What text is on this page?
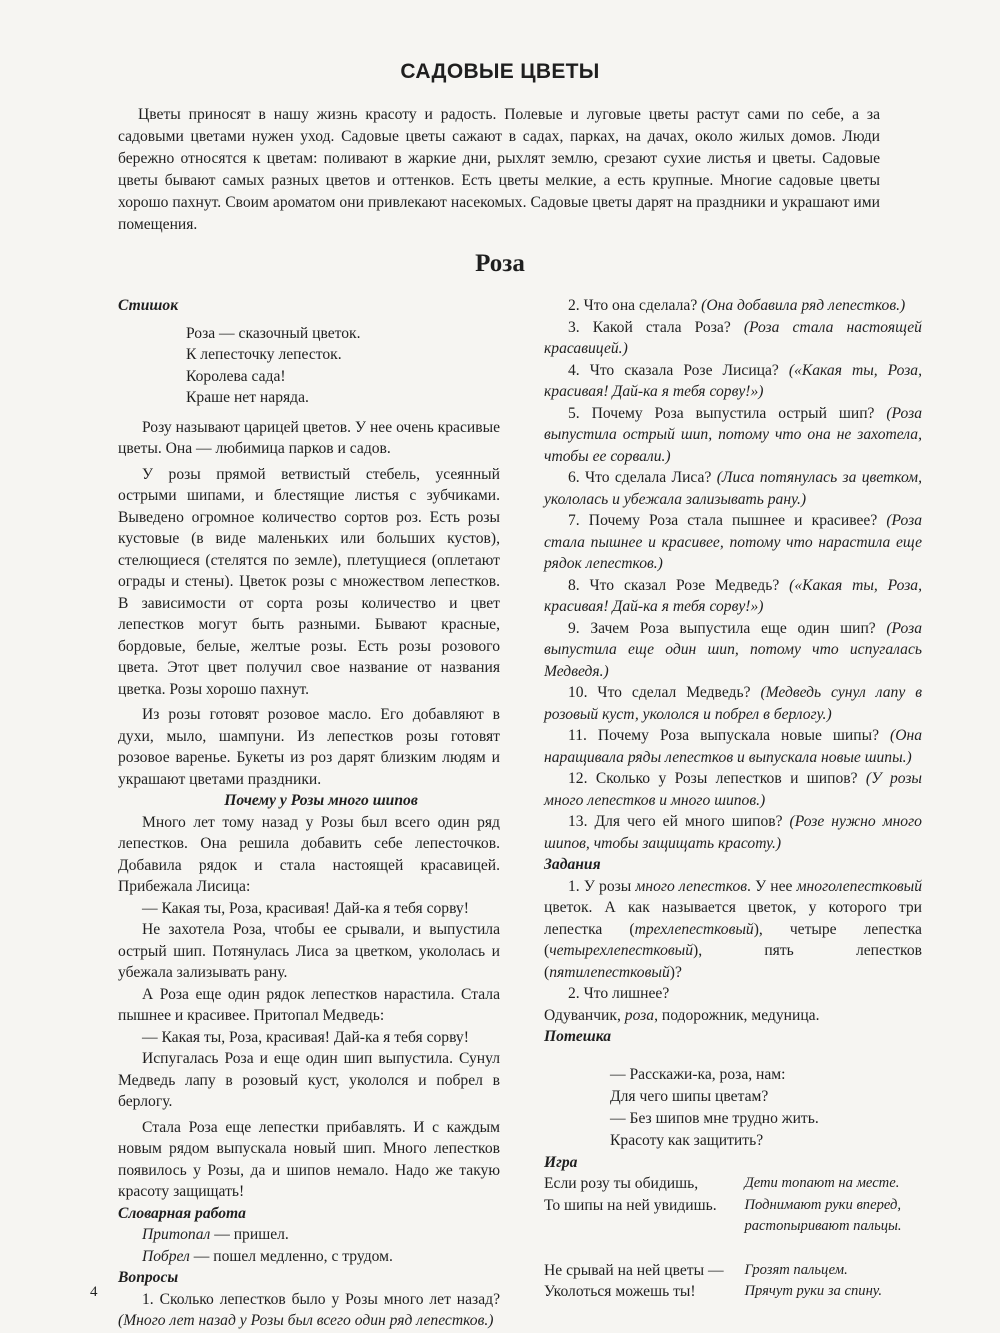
САДОВЫЕ ЦВЕТЫ

Цветы приносят в нашу жизнь красоту и радость. Полевые и луговые цветы растут сами по себе, а за садовыми цветами нужен уход. Садовые цветы сажают в садах, парках, на дачах, около жилых домов. Люди бережно относятся к цветам: поливают в жаркие дни, рыхлят землю, срезают сухие листья и цветы. Садовые цветы бывают самых разных цветов и оттенков. Есть цветы мелкие, а есть крупные. Многие садовые цветы хорошо пахнут. Своим ароматом они привлекают насекомых. Садовые цветы дарят на праздники и украшают ими помещения.

Роза

Стишок

Роза — сказочный цветок.
К лепесточку лепесток.
Королева сада!
Краше нет наряда.

Розу называют царицей цветов. У нее очень красивые цветы. Она — любимица парков и садов.

У розы прямой ветвистый стебель, усеянный острыми шипами, и блестящие листья с зубчиками. Выведено огромное количество сортов роз. Есть розы кустовые (в виде маленьких или больших кустов), стелющиеся (стелятся по земле), плетущиеся (оплетают ограды и стены). Цветок розы с множеством лепестков. В зависимости от сорта розы количество и цвет лепестков могут быть разными. Бывают красные, бордовые, белые, желтые розы. Есть розы розового цвета. Этот цвет получил свое название от названия цветка. Розы хорошо пахнут.

Из розы готовят розовое масло. Его добавляют в духи, мыло, шампуни. Из лепестков розы готовят розовое варенье. Букеты из роз дарят близким людям и украшают цветами праздники.

Почему у Розы много шипов

Много лет тому назад у Розы был всего один ряд лепестков. Она решила добавить себе лепесточков. Добавила рядок и стала настоящей красавицей. Прибежала Лисица:

— Какая ты, Роза, красивая! Дай-ка я тебя сорву!

Не захотела Роза, чтобы ее срывали, и выпустила острый шип. Потянулась Лиса за цветком, укололась и убежала зализывать рану.

А Роза еще один рядок лепестков нарастила. Стала пышнее и красивее. Притопал Медведь:

— Какая ты, Роза, красивая! Дай-ка я тебя сорву!

Испугалась Роза и еще один шип выпустила. Сунул Медведь лапу в розовый куст, укололся и побрел в берлогу.

Стала Роза еще лепестки прибавлять. И с каждым новым рядом выпускала новый шип. Много лепестков появилось у Розы, да и шипов немало. Надо же такую красоту защищать!

Словарная работа

Притопал — пришел.

Побрел — пошел медленно, с трудом.

Вопросы

1. Сколько лепестков было у Розы много лет назад? (Много лет назад у Розы был всего один ряд лепестков.)

2. Что она сделала? (Она добавила ряд лепестков.)

3. Какой стала Роза? (Роза стала настоящей красавицей.)

4. Что сказала Розе Лисица? («Какая ты, Роза, красивая! Дай-ка я тебя сорву!»)

5. Почему Роза выпустила острый шип? (Роза выпустила острый шип, потому что она не захотела, чтобы ее сорвали.)

6. Что сделала Лиса? (Лиса потянулась за цветком, укололась и убежала зализывать рану.)

7. Почему Роза стала пышнее и красивее? (Роза стала пышнее и красивее, потому что нарастила еще рядок лепестков.)

8. Что сказал Розе Медведь? («Какая ты, Роза, красивая! Дай-ка я тебя сорву!»)

9. Зачем Роза выпустила еще один шип? (Роза выпустила еще один шип, потому что испугалась Медведя.)

10. Что сделал Медведь? (Медведь сунул лапу в розовый куст, укололся и побрел в берлогу.)

11. Почему Роза выпускала новые шипы? (Она наращивала ряды лепестков и выпускала новые шипы.)

12. Сколько у Розы лепестков и шипов? (У розы много лепестков и много шипов.)

13. Для чего ей много шипов? (Розе нужно много шипов, чтобы защищать красоту.)

Задания

1. У розы много лепестков. У нее многолепестковый цветок. А как называется цветок, у которого три лепестка (трехлепестковый), четыре лепестка (четырехлепестковый), пять лепестков (пятилепестковый)?

2. Что лишнее?

Одуванчик, роза, подорожник, медуница.

Потешка

— Расскажи-ка, роза, нам:
Для чего шипы цветам?
— Без шипов мне трудно жить.
Красоту как защитить?

Игра

Если розу ты обидишь,
То шипы на ней увидишь.
Дети топают на месте.
Поднимают руки вперед, растопыривают пальцы.
Не срывай на ней цветы —
Уколоться можешь ты!
Грозят пальцем.
Прячут руки за спину.

4
